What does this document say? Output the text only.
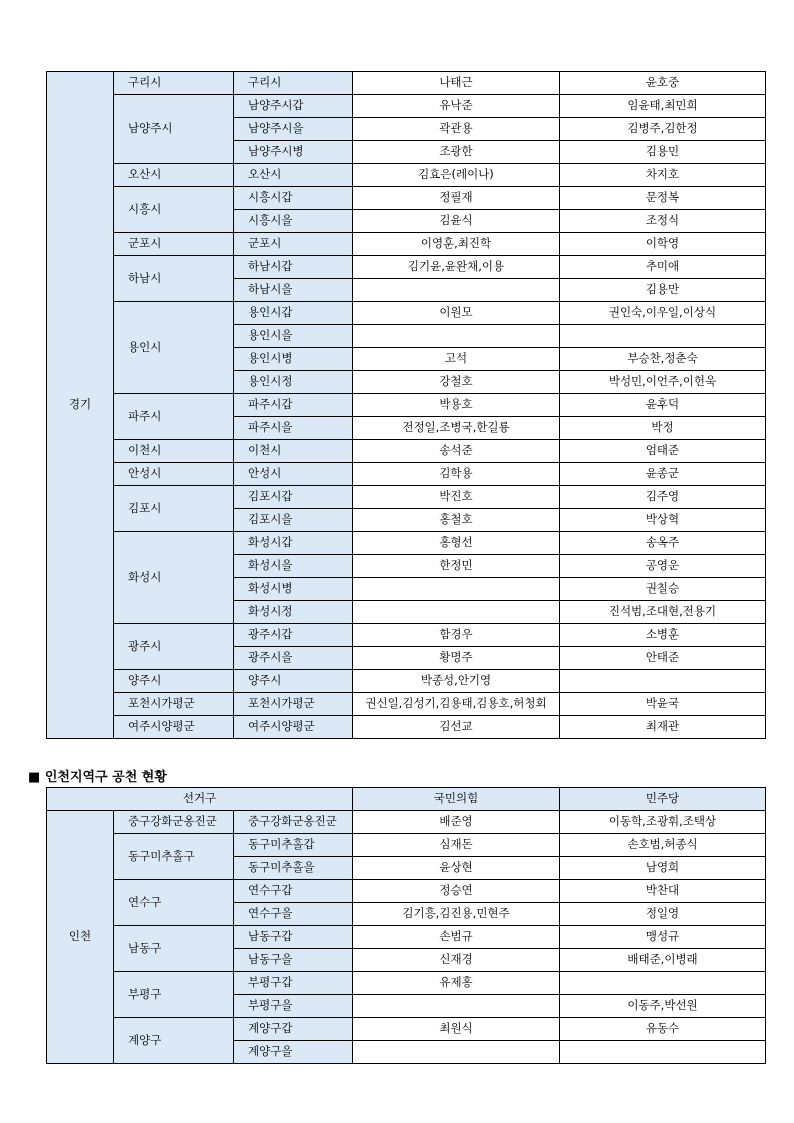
경기	구리시	구리시	나태근	윤호중
	남양주시	남양주시갑	유낙준	임윤태,최민희
		남양주시을	곽관용	김병주,김한정
		남양주시병	조광한	김용민
	오산시	오산시	김효은(레이나)	차지호
	시흥시	시흥시갑	정필재	문정복
		시흥시을	김윤식	조정식
	군포시	군포시	이영훈,최진학	이학영
	하남시	하남시갑	김기윤,윤완채,이용	추미애
		하남시을		김용만
	용인시	용인시갑	이원모	권인숙,이우일,이상식
		용인시을		
		용인시병	고석	부승찬,정춘숙
		용인시정	강철호	박성민,이언주,이헌욱
	파주시	파주시갑	박용호	윤후덕
		파주시을	전정일,조병국,한길룡	박정
	이천시	이천시	송석준	엄태준
	안성시	안성시	김학용	윤종군
	김포시	김포시갑	박진호	김주영
		김포시을	홍철호	박상혁
	화성시	화성시갑	홍형선	송옥주
		화성시을	한정민	공영운
		화성시병		권칠승
		화성시정		진석범,조대현,전용기
	광주시	광주시갑	함경우	소병훈
		광주시을	황명주	안태준
	양주시	양주시	박종성,안기영	
	포천시가평군	포천시가평군	권신일,김성기,김용태,김용호,허청회	박윤국
	여주시양평군	여주시양평군	김선교	최재관
■ 인천지역구 공천 현황
선거구			국민의힘	민주당
인천	중구강화군옹진군	중구강화군옹진군	배준영	이동학,조광휘,조택상
	동구미추홀구	동구미추홀갑	심재돈	손호범,허종식
		동구미추홀을	윤상현	남영희
	연수구	연수구갑	정승연	박찬대
		연수구을	김기흥,김진용,민현주	정일영
	남동구	남동구갑	손범규	맹성규
		남동구을	신재경	배태준,이병래
	부평구	부평구갑	유제홍	
		부평구을		이동주,박선원
	계양구	계양구갑	최원식	유동수
		계양구을		
